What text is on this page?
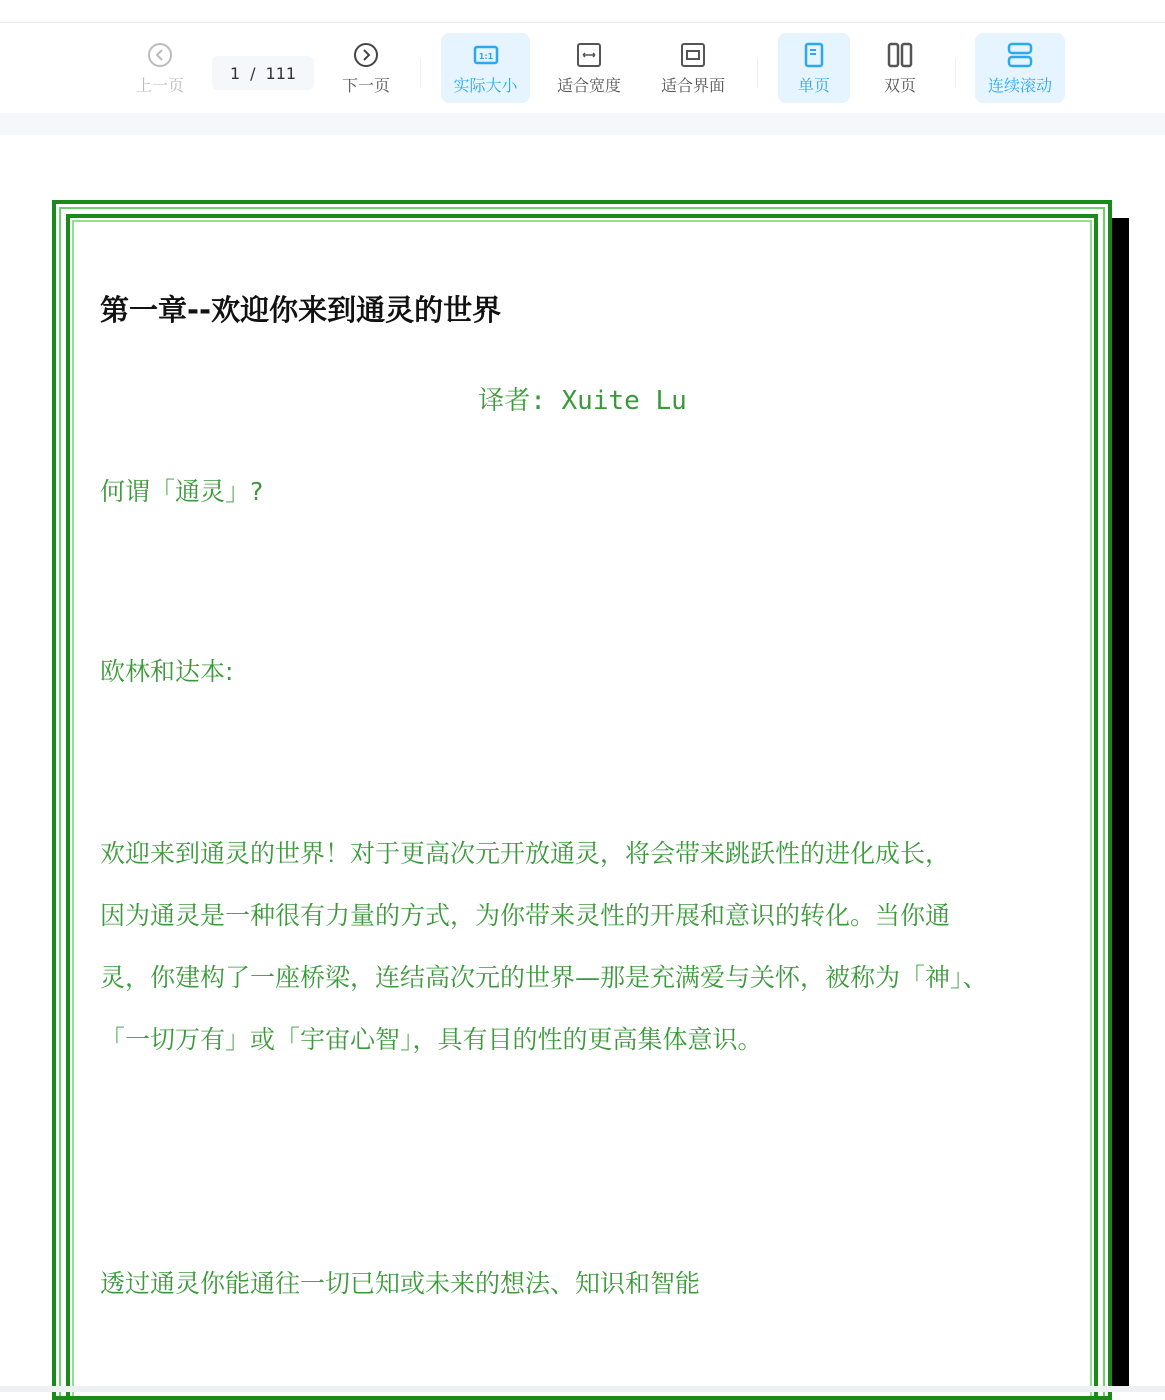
上一页
1 / 111
下一页
1:1
实际大小 适合宽度 适合界面	单页	双页	连续滚动
第一章--欢迎你来到通灵的世界
译者: Xuite Lu
何谓「通灵」?
欧林和达本:
欢迎来到通灵的世界！对于更高次元开放通灵，将会带来跳跃性的进化成长，
因为通灵是一种很有力量的方式，为你带来灵性的开展和意识的转化。当你通
灵，你建构了一座桥梁，连结高次元的世界—那是充满爱与关怀，被称为「神」、
「一切万有」或「宇宙心智」，具有目的性的更高集体意识。
透过通灵你能通往一切已知或未来的想法、知识和智能
